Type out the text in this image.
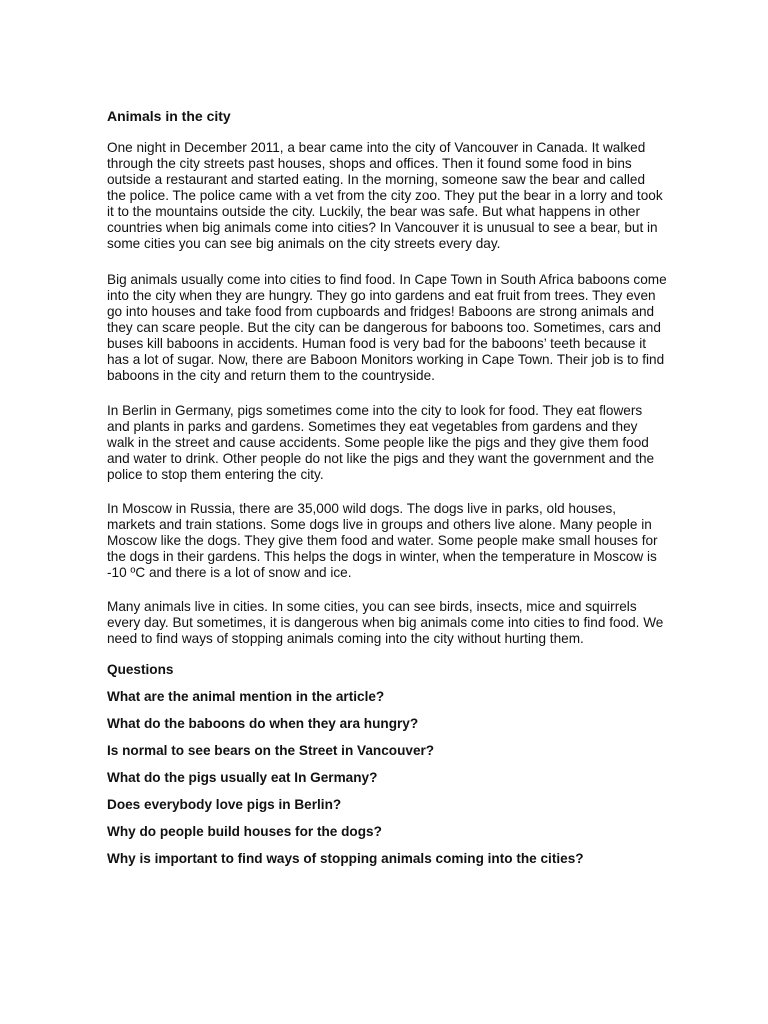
Animals in the city

One night in December 2011, a bear came into the city of Vancouver in Canada. It walked through the city streets past houses, shops and offices. Then it found some food in bins outside a restaurant and started eating. In the morning, someone saw the bear and called the police. The police came with a vet from the city zoo. They put the bear in a lorry and took it to the mountains outside the city. Luckily, the bear was safe. But what happens in other countries when big animals come into cities? In Vancouver it is unusual to see a bear, but in some cities you can see big animals on the city streets every day.

Big animals usually come into cities to find food. In Cape Town in South Africa baboons come into the city when they are hungry. They go into gardens and eat fruit from trees. They even go into houses and take food from cupboards and fridges! Baboons are strong animals and they can scare people. But the city can be dangerous for baboons too. Sometimes, cars and buses kill baboons in accidents. Human food is very bad for the baboons’ teeth because it has a lot of sugar. Now, there are Baboon Monitors working in Cape Town. Their job is to find baboons in the city and return them to the countryside.

In Berlin in Germany, pigs sometimes come into the city to look for food. They eat flowers and plants in parks and gardens. Sometimes they eat vegetables from gardens and they walk in the street and cause accidents. Some people like the pigs and they give them food and water to drink. Other people do not like the pigs and they want the government and the police to stop them entering the city.

In Moscow in Russia, there are 35,000 wild dogs. The dogs live in parks, old houses, markets and train stations. Some dogs live in groups and others live alone. Many people in Moscow like the dogs. They give them food and water. Some people make small houses for the dogs in their gardens. This helps the dogs in winter, when the temperature in Moscow is -10 ºC and there is a lot of snow and ice.

Many animals live in cities. In some cities, you can see birds, insects, mice and squirrels every day. But sometimes, it is dangerous when big animals come into cities to find food. We need to find ways of stopping animals coming into the city without hurting them.

Questions

What are the animal mention in the article?

What do the baboons do when they ara hungry?

Is normal to see bears on the Street in Vancouver?

What do the pigs usually eat In Germany?

Does everybody love pigs in Berlin?

Why do people build houses for the dogs?

Why is important to find ways of stopping animals coming into the cities?
